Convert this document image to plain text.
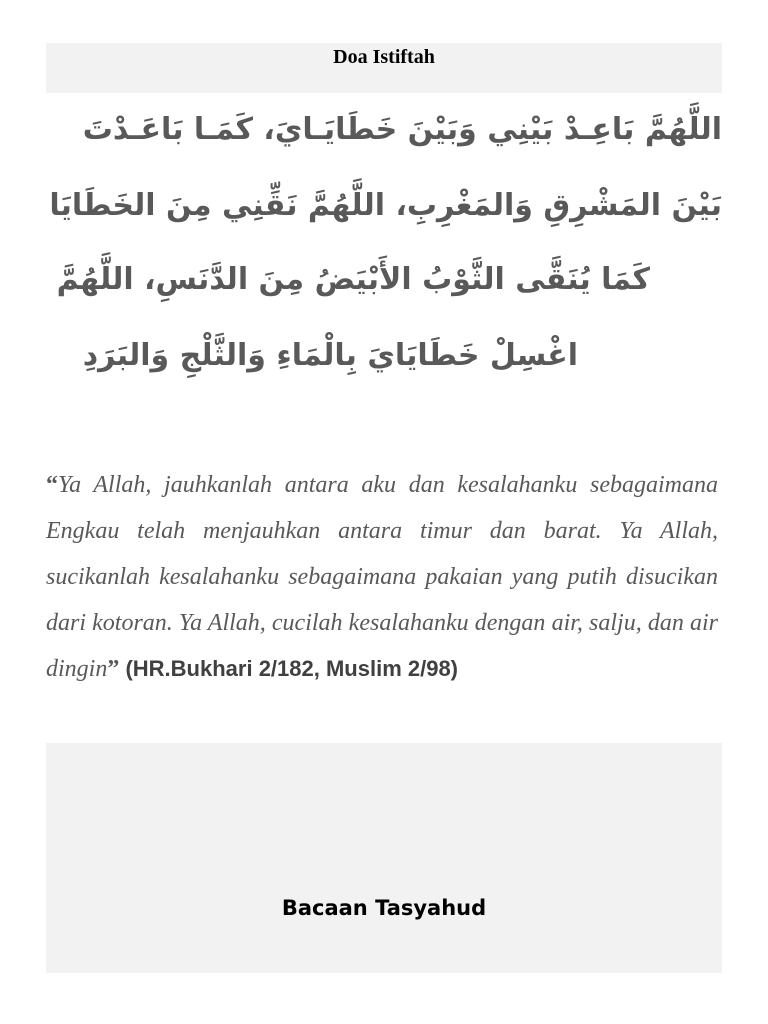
Doa Istiftah
اللَّهُمَّ بَاعِـدْ بَيْنِي وَبَيْنَ خَطَايَـايَ، كَمَـا بَاعَـدْتَ
بَيْنَ المَشْرِقِ وَالمَغْرِبِ، اللَّهُمَّ نَقِّنِي مِنَ الخَطَايَا
كَمَا يُنَقَّى الثَّوْبُ الأَبْيَضُ مِنَ الدَّنَسِ، اللَّهُمَّ
اغْسِلْ خَطَايَايَ بِالْمَاءِ وَالثَّلْجِ وَالبَرَدِ
“Ya Allah, jauhkanlah antara aku dan kesalahanku sebagaimana Engkau telah menjauhkan antara timur dan barat. Ya Allah, sucikanlah kesalahanku sebagaimana pakaian yang putih disucikan dari kotoran. Ya Allah, cucilah kesalahanku dengan air, salju, dan air dingin” (HR.Bukhari 2/182, Muslim 2/98)
Bacaan Tasyahud
